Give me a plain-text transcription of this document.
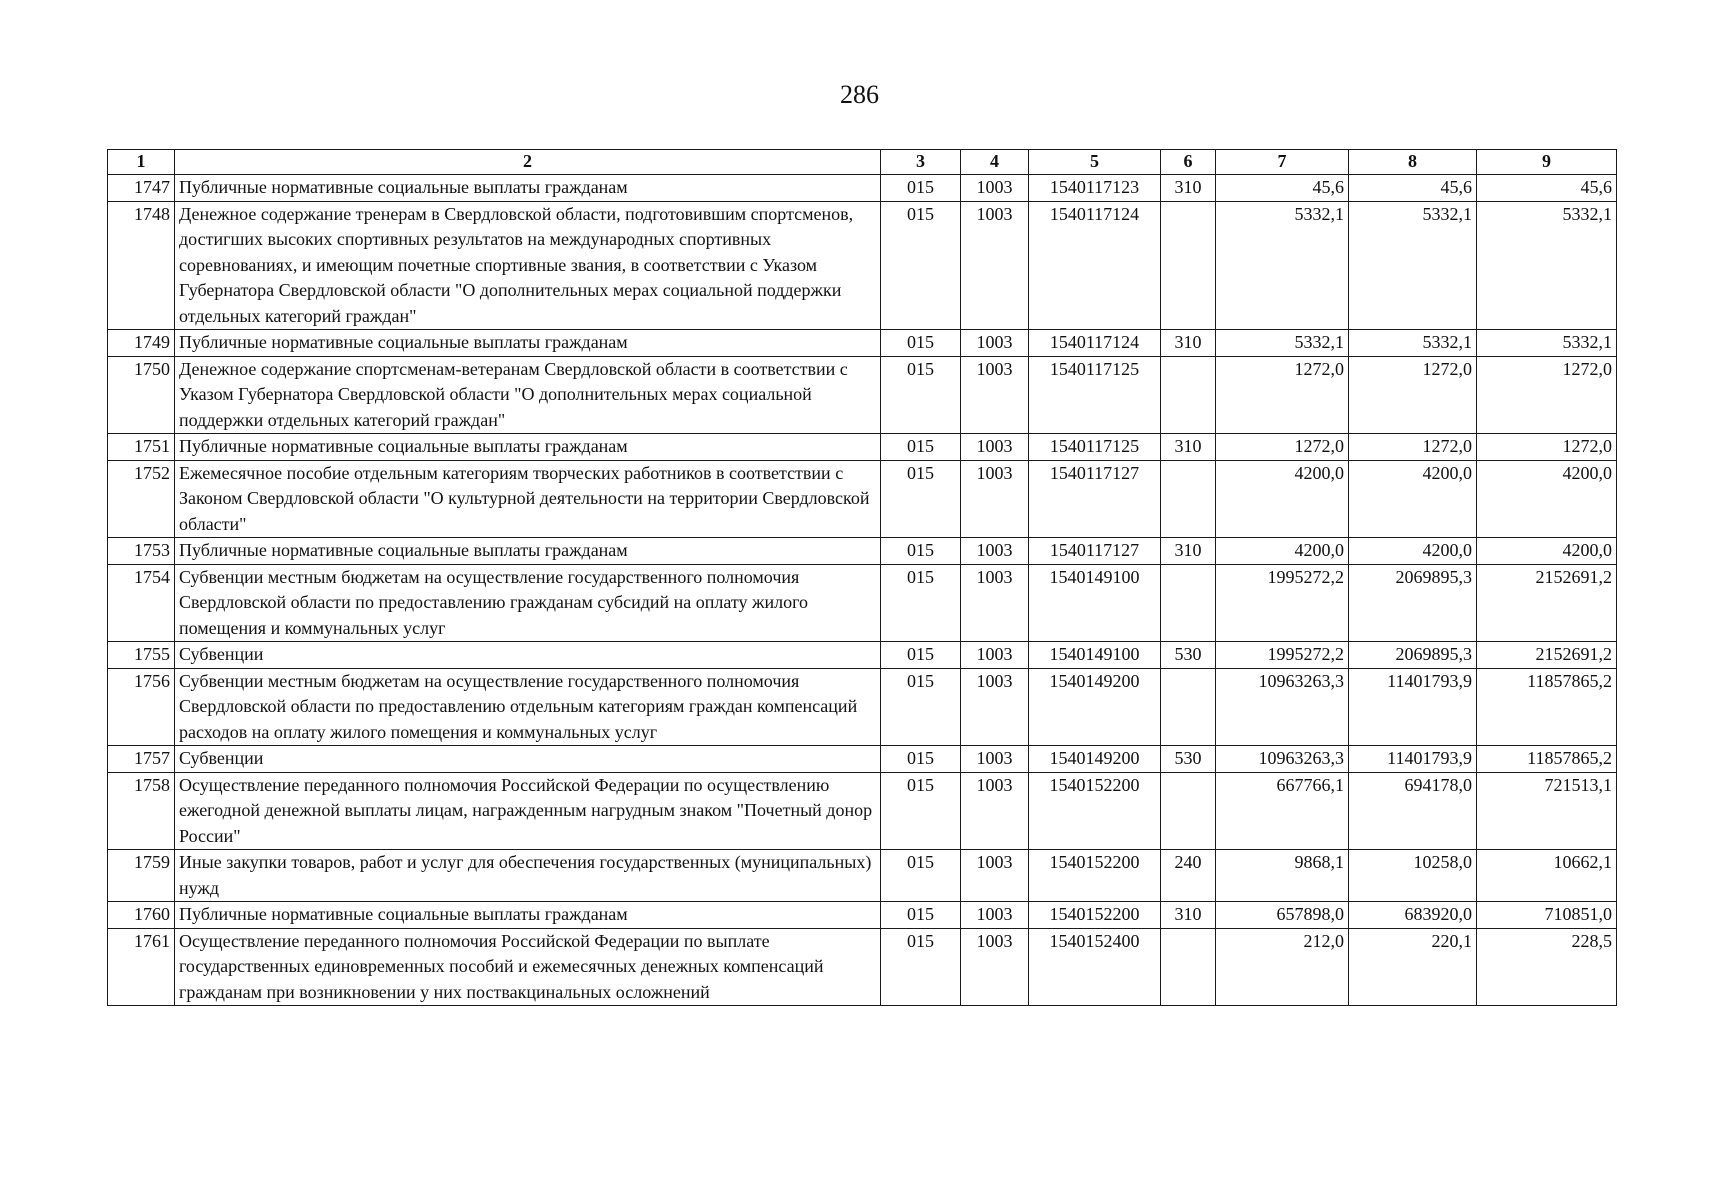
286
1	2	3	4	5	6	7	8	9
1747	Публичные нормативные социальные выплаты гражданам	015	1003	1540117123	310	45,6	45,6	45,6
1748	Денежное содержание тренерам в Свердловской области, подготовившим спортсменов, достигших высоких спортивных результатов на международных спортивных соревнованиях, и имеющим почетные спортивные звания, в соответствии с Указом Губернатора Свердловской области "О дополнительных мерах социальной поддержки отдельных категорий граждан"	015	1003	1540117124		5332,1	5332,1	5332,1
1749	Публичные нормативные социальные выплаты гражданам	015	1003	1540117124	310	5332,1	5332,1	5332,1
1750	Денежное содержание спортсменам-ветеранам Свердловской области в соответствии с Указом Губернатора Свердловской области "О дополнительных мерах социальной поддержки отдельных категорий граждан"	015	1003	1540117125		1272,0	1272,0	1272,0
1751	Публичные нормативные социальные выплаты гражданам	015	1003	1540117125	310	1272,0	1272,0	1272,0
1752	Ежемесячное пособие отдельным категориям творческих работников в соответствии с Законом Свердловской области "О культурной деятельности на территории Свердловской области"	015	1003	1540117127		4200,0	4200,0	4200,0
1753	Публичные нормативные социальные выплаты гражданам	015	1003	1540117127	310	4200,0	4200,0	4200,0
1754	Субвенции местным бюджетам на осуществление государственного полномочия Свердловской области по предоставлению гражданам субсидий на оплату жилого помещения и коммунальных услуг	015	1003	1540149100		1995272,2	2069895,3	2152691,2
1755	Субвенции	015	1003	1540149100	530	1995272,2	2069895,3	2152691,2
1756	Субвенции местным бюджетам на осуществление государственного полномочия Свердловской области по предоставлению отдельным категориям граждан компенсаций расходов на оплату жилого помещения и коммунальных услуг	015	1003	1540149200		10963263,3	11401793,9	11857865,2
1757	Субвенции	015	1003	1540149200	530	10963263,3	11401793,9	11857865,2
1758	Осуществление переданного полномочия Российской Федерации по осуществлению ежегодной денежной выплаты лицам, награжденным нагрудным знаком "Почетный донор России"	015	1003	1540152200		667766,1	694178,0	721513,1
1759	Иные закупки товаров, работ и услуг для обеспечения государственных (муниципальных) нужд	015	1003	1540152200	240	9868,1	10258,0	10662,1
1760	Публичные нормативные социальные выплаты гражданам	015	1003	1540152200	310	657898,0	683920,0	710851,0
1761	Осуществление переданного полномочия Российской Федерации по выплате государственных единовременных пособий и ежемесячных денежных компенсаций гражданам при возникновении у них поствакцинальных осложнений	015	1003	1540152400		212,0	220,1	228,5
